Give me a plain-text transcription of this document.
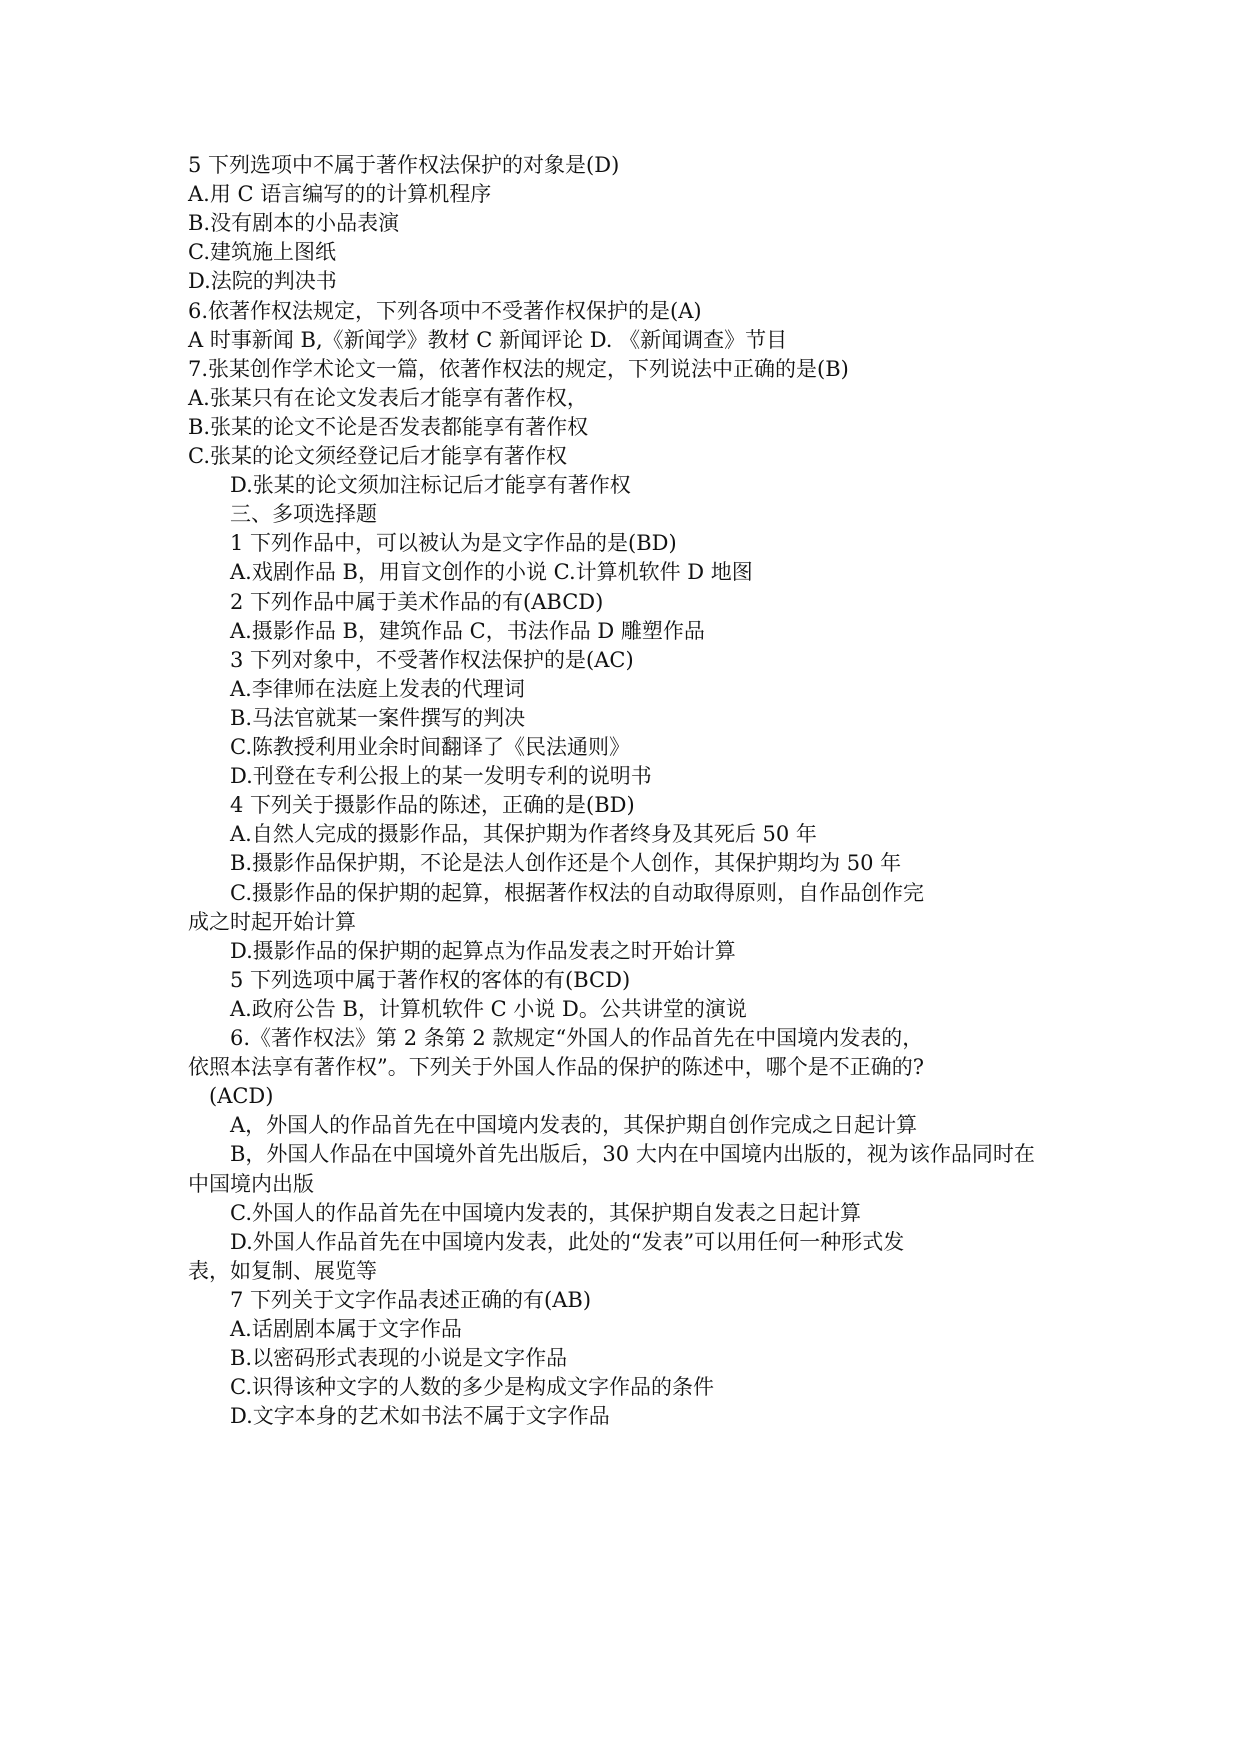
5 下列选项中不属于著作权法保护的对象是(D)
A.用 C 语言编写的的计算机程序
B.没有剧本的小品表演
C.建筑施上图纸
D.法院的判决书
6.依著作权法规定，下列各项中不受著作权保护的是(A)
A 时事新闻 B,《新闻学》教材 C 新闻评论 D. 《新闻调查》节目
7.张某创作学术论文一篇，依著作权法的规定，下列说法中正确的是(B)
A.张某只有在论文发表后才能享有著作权，
B.张某的论文不论是否发表都能享有著作权
C.张某的论文须经登记后才能享有著作权
D.张某的论文须加注标记后才能享有著作权
三、多项选择题
1 下列作品中，可以被认为是文字作品的是(BD)
A.戏剧作品 B，用盲文创作的小说 C.计算机软件 D 地图
2 下列作品中属于美术作品的有(ABCD)
A.摄影作品 B，建筑作品 C，书法作品 D 雕塑作品
3 下列对象中，不受著作权法保护的是(AC)
A.李律师在法庭上发表的代理词
B.马法官就某一案件撰写的判决
C.陈教授利用业余时间翻译了《民法通则》
D.刊登在专利公报上的某一发明专利的说明书
4 下列关于摄影作品的陈述，正确的是(BD)
A.自然人完成的摄影作品，其保护期为作者终身及其死后 50 年
B.摄影作品保护期，不论是法人创作还是个人创作，其保护期均为 50 年
C.摄影作品的保护期的起算，根据著作权法的自动取得原则，自作品创作完
成之时起开始计算
D.摄影作品的保护期的起算点为作品发表之时开始计算
5 下列选项中属于著作权的客体的有(BCD)
A.政府公告 B，计算机软件 C 小说 D。公共讲堂的演说
6.《著作权法》第 2 条第 2 款规定“外国人的作品首先在中国境内发表的，
依照本法享有著作权”。下列关于外国人作品的保护的陈述中，哪个是不正确的?
(ACD)
A，外国人的作品首先在中国境内发表的，其保护期自创作完成之日起计算
B，外国人作品在中国境外首先出版后，30 大内在中国境内出版的，视为该作品同时在
中国境内出版
C.外国人的作品首先在中国境内发表的，其保护期自发表之日起计算
D.外国人作品首先在中国境内发表，此处的“发表”可以用任何一种形式发
表，如复制、展览等
7 下列关于文字作品表述正确的有(AB)
A.话剧剧本属于文字作品
B.以密码形式表现的小说是文字作品
C.识得该种文字的人数的多少是构成文字作品的条件
D.文字本身的艺术如书法不属于文字作品
